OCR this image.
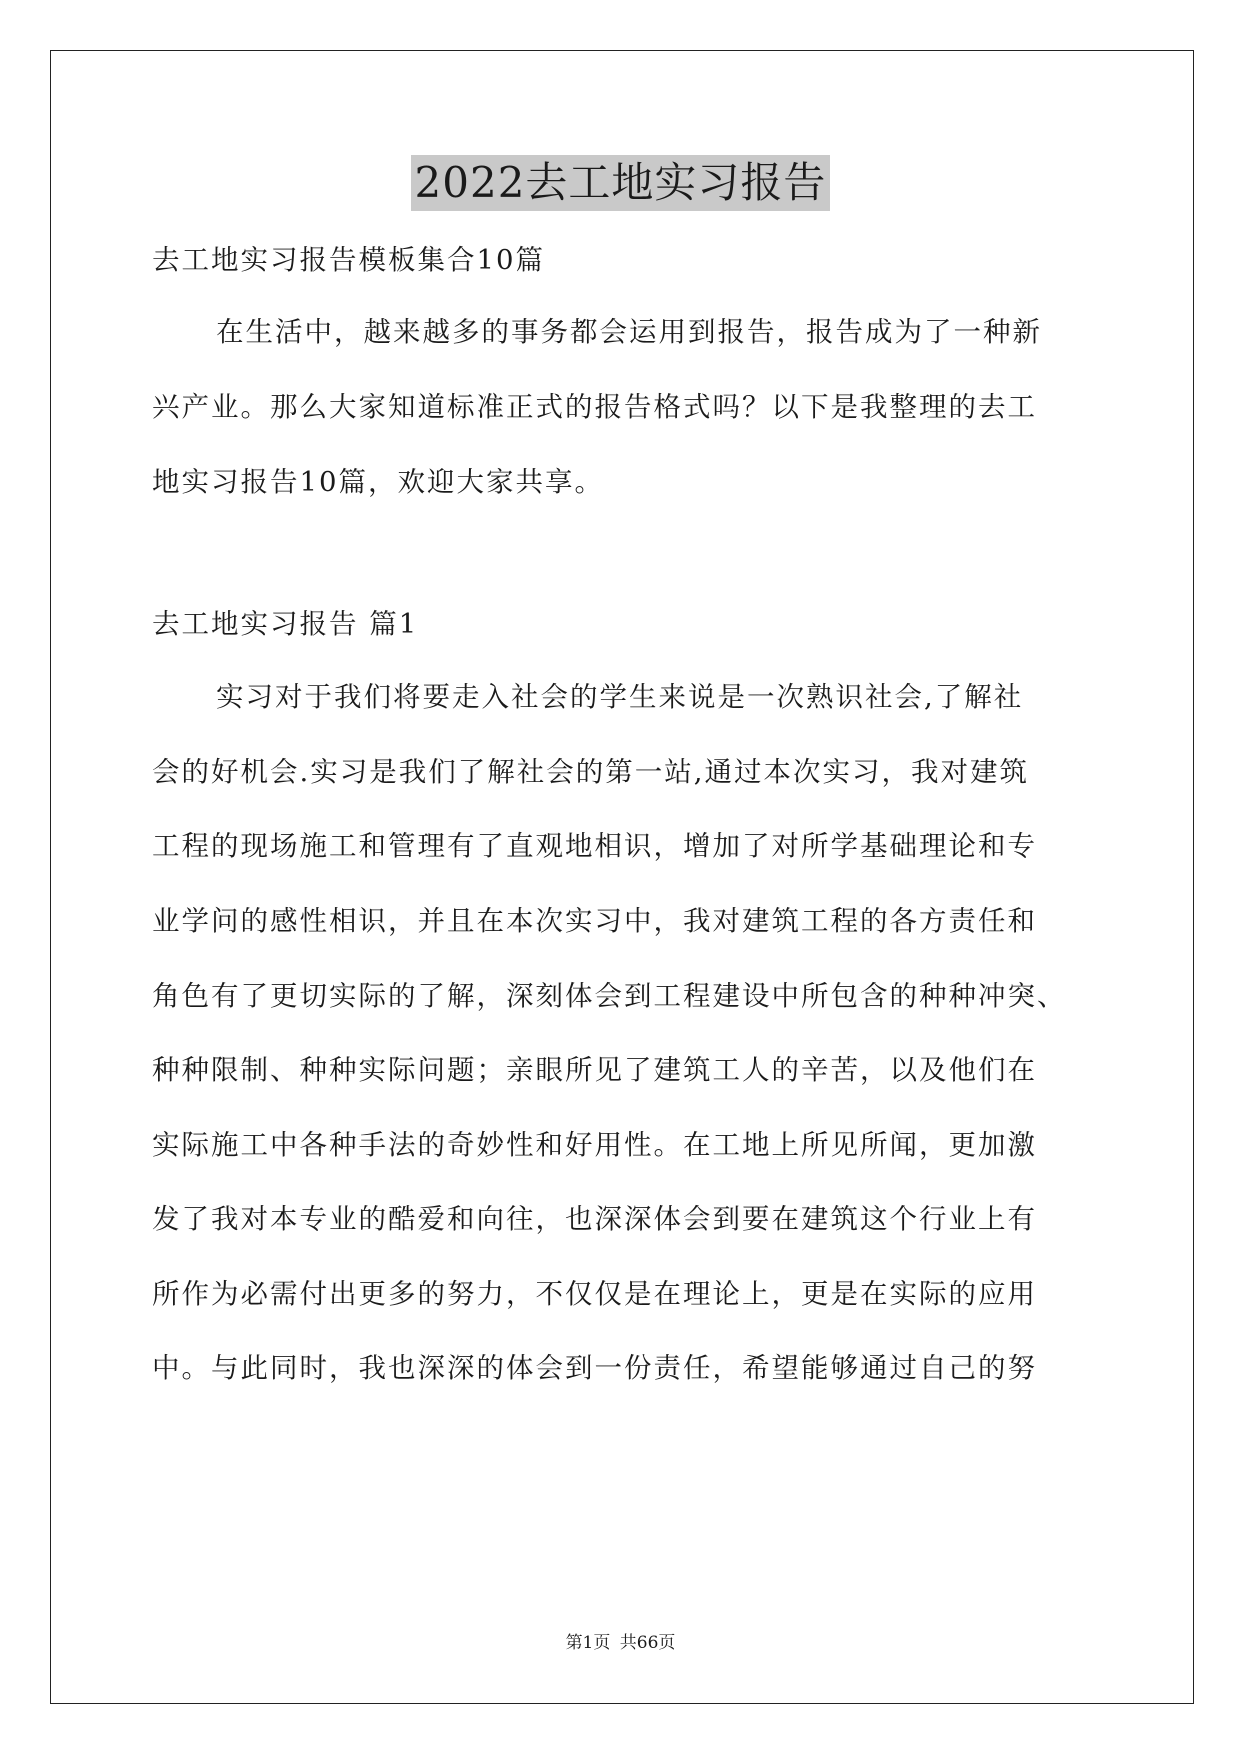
2022去工地实习报告
去工地实习报告模板集合10篇
在生活中，越来越多的事务都会运用到报告，报告成为了一种新
兴产业。那么大家知道标准正式的报告格式吗？以下是我整理的去工
地实习报告10篇，欢迎大家共享。
去工地实习报告 篇1
实习对于我们将要走入社会的学生来说是一次熟识社会,了解社
会的好机会.实习是我们了解社会的第一站,通过本次实习，我对建筑
工程的现场施工和管理有了直观地相识，增加了对所学基础理论和专
业学问的感性相识，并且在本次实习中，我对建筑工程的各方责任和
角色有了更切实际的了解，深刻体会到工程建设中所包含的种种冲突、
种种限制、种种实际问题；亲眼所见了建筑工人的辛苦，以及他们在
实际施工中各种手法的奇妙性和好用性。在工地上所见所闻，更加激
发了我对本专业的酷爱和向往，也深深体会到要在建筑这个行业上有
所作为必需付出更多的努力，不仅仅是在理论上，更是在实际的应用
中。与此同时，我也深深的体会到一份责任，希望能够通过自己的努
第1页 共66页
